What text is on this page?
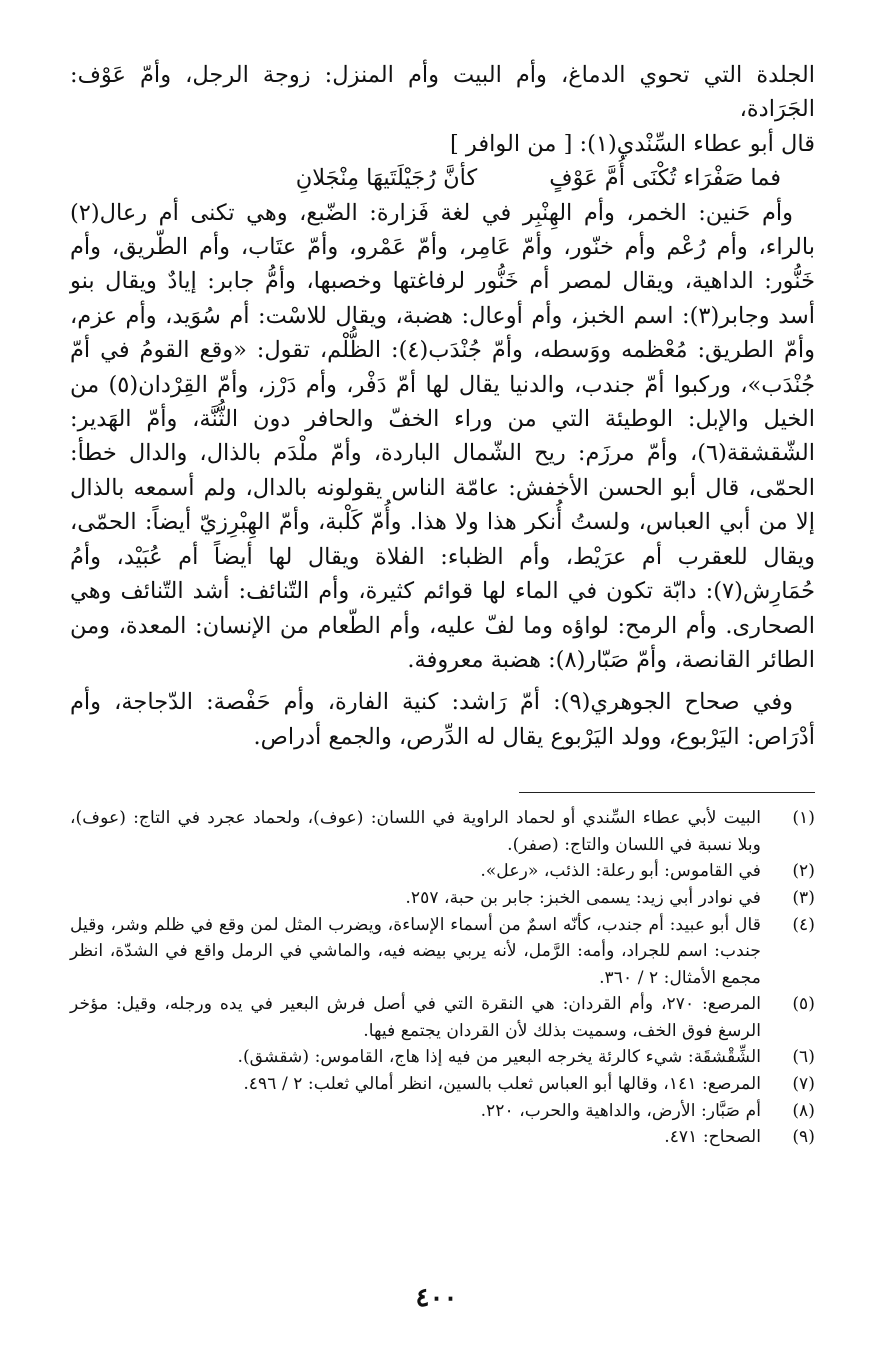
الجلدة التي تحوي الدماغ، وأم البيت وأم المنزل: زوجة الرجل، وأمّ عَوْف: الجَرَادة،

قال أبو عطاء السِّنْدي(١): [ من الوافر ]

فما صَفْرَاء تُكْنَى أُمَّ عَوْفٍ
كأنَّ رُجَيْلَتَيهَا مِنْجَلانِ

وأم حَنين: الخمر، وأم الهِنْبِر في لغة فَزارة: الضّبع، وهي تكنى أم رعال(٢) بالراء، وأم رُعْم وأم خنّور، وأمّ عَامِر، وأمّ عَمْرو، وأمّ عتَاب، وأم الطّريق، وأم خَنُّور: الداهية، ويقال لمصر أم خَنُّور لرفاغتها وخصبها، وأمُّ جابر: إيادٌ ويقال بنو أسد وجابر(٣): اسم الخبز، وأم أوعال: هضبة، ويقال للاسْت: أم سُوَيد، وأم عزم، وأمّ الطريق: مُعْظمه ووَسطه، وأمّ جُنْدَب(٤): الظُّلْم، تقول: «وقع القومُ في أمّ جُنْدَب»، وركبوا أمّ جندب، والدنيا يقال لها أمّ دَفْر، وأم دَرْز، وأمّ القِرْدان(٥) من الخيل والإبل: الوطيئة التي من وراء الخفّ والحافر دون الثُّنَّة، وأمّ الهَدير: الشّقشقة(٦)، وأمّ مرزَم: ريح الشّمال الباردة، وأمّ ملْدَم بالذال، والدال خطأ: الحمّى، قال أبو الحسن الأخفش: عامّة الناس يقولونه بالدال، ولم أسمعه بالذال إلا من أبي العباس، ولستُ أُنكر هذا ولا هذا. وأُمّ كَلْبة، وأمّ الهِبْرِزيّ أيضاً: الحمّى، ويقال للعقرب أم عرَيْط، وأم الظباء: الفلاة ويقال لها أيضاً أم عُبَيْد، وأمُ حُمَارِش(٧): دابّة تكون في الماء لها قوائم كثيرة، وأم التّنائف: أشد التّنائف وهي الصحارى. وأم الرمح: لواؤه وما لفّ عليه، وأم الطّعام من الإنسان: المعدة، ومن الطائر القانصة، وأمّ صَبّار(٨): هضبة معروفة.

وفي صحاح الجوهري(٩): أمّ رَاشد: كنية الفارة، وأم حَفْصة: الدّجاجة، وأم أدْرَاص: اليَرْبوع، وولد اليَرْبوع يقال له الدِّرص، والجمع أدراص.

(١)
البيت لأبي عطاء السِّندي أو لحماد الراوية في اللسان: (عوف)، ولحماد عجرد في التاج: (عوف)، وبلا نسبة في اللسان والتاج: (صفر).
(٢)
في القاموس: أبو رعلة: الذئب، «رعل».
(٣)
في نوادر أبي زيد: يسمى الخبز: جابر بن حبة، ٢٥٧.
(٤)
قال أبو عبيد: أم جندب، كأنّه اسمٌ من أسماء الإساءة، ويضرب المثل لمن وقع في ظلم وشر، وقيل جندب: اسم للجراد، وأمه: الرَّمل، لأنه يربي بيضه فيه، والماشي في الرمل واقع في الشدّة، انظر مجمع الأمثال: ٢ / ٣٦٠.
(٥)
المرصع: ٢٧٠، وأم القردان: هي النقرة التي في أصل فرش البعير في يده ورجله، وقيل: مؤخر الرسغ فوق الخف، وسميت بذلك لأن القردان يجتمع فيها.
(٦)
الشِّقْشقَة: شيء كالرئة يخرجه البعير من فيه إذا هاج، القاموس: (شقشق).
(٧)
المرصع: ١٤١، وقالها أبو العباس ثعلب بالسين، انظر أمالي ثعلب: ٢ / ٤٩٦.
(٨)
أم صَبَّار: الأرض، والداهية والحرب، ٢٢٠.
(٩)
الصحاح: ٤٧١.
٤٠٠
